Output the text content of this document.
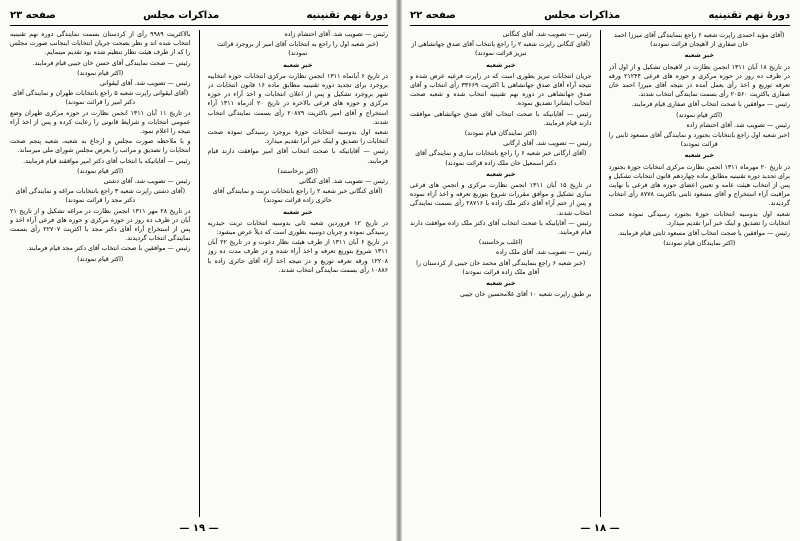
دورهٔ نهم تقنینیه
مذاکرات مجلس
صفحه ۲۳

رئیس — تصویب شد. آقای احتشام زاده

(خبر شعبه اول را راجع به انتخابات آقای امیر از بروجرد قرائت نمودند)

خبر شعبه

در تاریخ ۶ آبانماه ۱۳۱۱ انجمن نظارت مرکزی انتخابات حوزه انتخابیه بروجرد برای تجدید دوره تقنینیه مطابق ماده ۱۶ قانون انتخابات در شهر بروجرد تشکیل و پس از اعلان انتخابات و اخذ آراء در حوزه مرکزی و حوزه های فرعی بالاخره در تاریخ ۲۰ آذرماه ۱۳۱۱ آراء استخراج و آقای امیر باکثریت ۲۰۸۷۹ رأی بسمت نمایندگی انتخاب شدند.

شعبه اول بدوسیه انتخابات حوزهٔ بروجرد رسیدگی نموده صحت انتخابات را تصدیق و اینک خبر آنرا تقدیم میدارد.

رئیس — آقایانیکه با صحت انتخاب آقای امیر موافقت دارند قیام فرمایند.

(اکثر برخاستند)

رئیس — تصویب شد. آقای کنگانی

(آقای کنگانی خبر شعبه ۲ را راجع بانتخابات تربت و نمایندگی آقای حائری زاده قرائت نمودند)

خبر شعبه

در تاریخ ۱۲ فروردین شعبه ثانی بدوسیه انتخابات تربت حیدریه رسیدگی نموده و جریان دوسیه بطوری است که ذیلاً عرض میشود:

در تاریخ ۶ آبان ۱۳۱۱ از طرف هیئت نظار دعوت و در تاریخ ۲۲ آبان ۱۳۱۱ شروع بتوزیع تعرفه و اخذ آراء شده و در ظرف مدت ده روز ۱۲۲۰۸ ورقه تعرفه توزیع و در نتیجه اخذ آراء آقای حائری زاده با ۱۰۸۸۶ رأی بسمت نمایندگی انتخاب شدند.

بالاکثریت ۹۹۸۹ رأی از کردستان بسمت نمایندگی دوره نهم تقنینیه انتخاب شده اند و نظر بصحت جریان انتخابات اینجانب صورت مجلس را که از طرف هیئت نظار تنظیم شده بود تقدیم مینمایم.

رئیس — صحت نمایندگی آقای حسن خان جیبی قیام فرمایند.

(اکثر قیام نمودند)

رئیس — تصویب شد. آقای لیقوانی

(آقای لیقوانی راپرت شعبه ۵ راجع بانتخابات طهران و نمایندگی آقای دکتر امیر را قرائت نمودند)

در تاریخ ۱۱ آبان ۱۳۱۱ انجمن نظارت در حوزه مرکزی طهران وضع عمومی انتخابات و شرایط قانونی را رعایت کرده و پس از اخذ آراء نتیجه را اعلام نمود.

و با ملاحظه صورت مجلس و ارجاع به شعبه، شعبه پنجم صحت انتخابات را تصدیق و مراتب را بعرض مجلس شورای ملی میرساند.

رئیس — آقایانیکه با انتخاب آقای دکتر امیر موافقند قیام فرمایند.

(اکثر قیام نمودند)

رئیس — تصویب شد. آقای دشتی

(آقای دشتی راپرت شعبه ۳ راجع بانتخابات مراغه و نمایندگی آقای دکتر مجد را قرائت نمودند)

در تاریخ ۲۸ مهر ۱۳۱۱ انجمن نظارت در مراغه تشکیل و از تاریخ ۲۱ آبان در ظرف ده روز در حوزه مرکزی و حوزه های فرعی آراء اخذ و پس از استخراج آراء آقای دکتر مجد با اکثریت ۲۲۷۰۷ رأی بسمت نمایندگی انتخاب گردیدند.

رئیس — موافقین با صحت انتخاب آقای دکتر مجد قیام فرمایند.

(اکثر قیام نمودند)

— ۱۹ —
دورهٔ نهم تقنینیه
مذاکرات مجلس
صفحه ۲۲

(آقای مؤید احمدی راپرت شعبه ۶ راجع بنمایندگی آقای میرزا احمد خان صفاری از لاهیجان قرائت نمودند)

خبر شعبه

در تاریخ ۱۸ آبان ۱۳۱۱ انجمن نظارت در لاهیجان تشکیل و از اول آذر در ظرف ده روز در حوزه مرکزی و حوزه های فرعی ۲۱۲۴۴ ورقه تعرفه توزیع و اخذ رأی بعمل آمده در نتیجه آقای میرزا احمد خان صفاری باکثریت ۲۰۵۶۰ رأی بسمت نمایندگی انتخاب شدند.

رئیس — موافقین با صحت انتخاب آقای صفاری قیام فرمایند.

(اکثر قیام نمودند)

رئیس — تصویب شد. آقای احتشام زاده

(خبر شعبه اول راجع بانتخابات بجنورد و نمایندگی آقای مسعود ثابتی را قرائت نمودند)

خبر شعبه

در تاریخ ۲۰ مهرماه ۱۳۱۱ انجمن نظارت مرکزی انتخابات حوزهٔ بجنورد برای تجدید دوره تقنینیه مطابق ماده چهاردهم قانون انتخابات تشکیل و پس از انتخاب هیئت عامه و تعیین اعضای حوزه های فرعی با نهایت مراقبت آراء استخراج و آقای مسعود ثابتی باکثریت ۸۷۷۸ رأی انتخاب گردیدند.

شعبه اول بدوسیه انتخابات حوزهٔ بجنورد رسیدگی نموده صحت انتخابات را تصدیق و اینک خبر آنرا تقدیم میدارد.

رئیس — موافقین با صحت انتخاب آقای مسعود ثابتی قیام فرمایند.

(اکثر نمایندگان قیام نمودند)

رئیس — تصویب شد. آقای کنگانی

(آقای کنگانی راپرت شعبه ۲ را راجع بانتخاب آقای صدق جهانشاهی از تبریز قرائت نمودند)

خبر شعبه

جریان انتخابات تبریز بطوری است که در راپرت فرعیه عرض شده و نتیجه آراء آقای صدق جهانشاهی با اکثریت ۳۳۶۶۹ رأی انتخاب و آقای صدق جهانشاهی در دوره نهم تقنینیه انتخاب شده و شعبه صحت انتخاب ایشانرا تصدیق نموده.

رئیس — آقایانیکه با صحت انتخاب آقای صدق جهانشاهی موافقت دارند قیام فرمایند.

(اکثر نمایندگان قیام نمودند)

رئیس — تصویب شد. آقای ارگانی

(آقای ارگانی خبر شعبه ۶ را راجع بانتخابات ساری و نمایندگی آقای دکتر اسمعیل خان ملک زاده قرائت نمودند)

خبر شعبه

در تاریخ ۱۵ آبان ۱۳۱۱ انجمن نظارت مرکزی و انجمن های فرعی ساری تشکیل و موافق مقررات شروع بتوزیع تعرفه و اخذ آراء نموده و پس از ختم آراء آقای دکتر ملک زاده با ۲۸۷۱۶ رأی بسمت نمایندگی انتخاب شدند.

رئیس — آقایانیکه با صحت انتخاب آقای دکتر ملک زاده موافقت دارند قیام فرمایند.

(اغلب برخاستند)

رئیس — تصویب شد. آقای ملک زاده

(خبر شعبه ۶ راجع بنمایندگی آقای محمد خان جیبی از کردستان را آقای ملک زاده قرائت نمودند)

خبر شعبه

بر طبق راپرت شعبه ۱۰ آقای غلامحسین خان جیبی

— ۱۸ —
